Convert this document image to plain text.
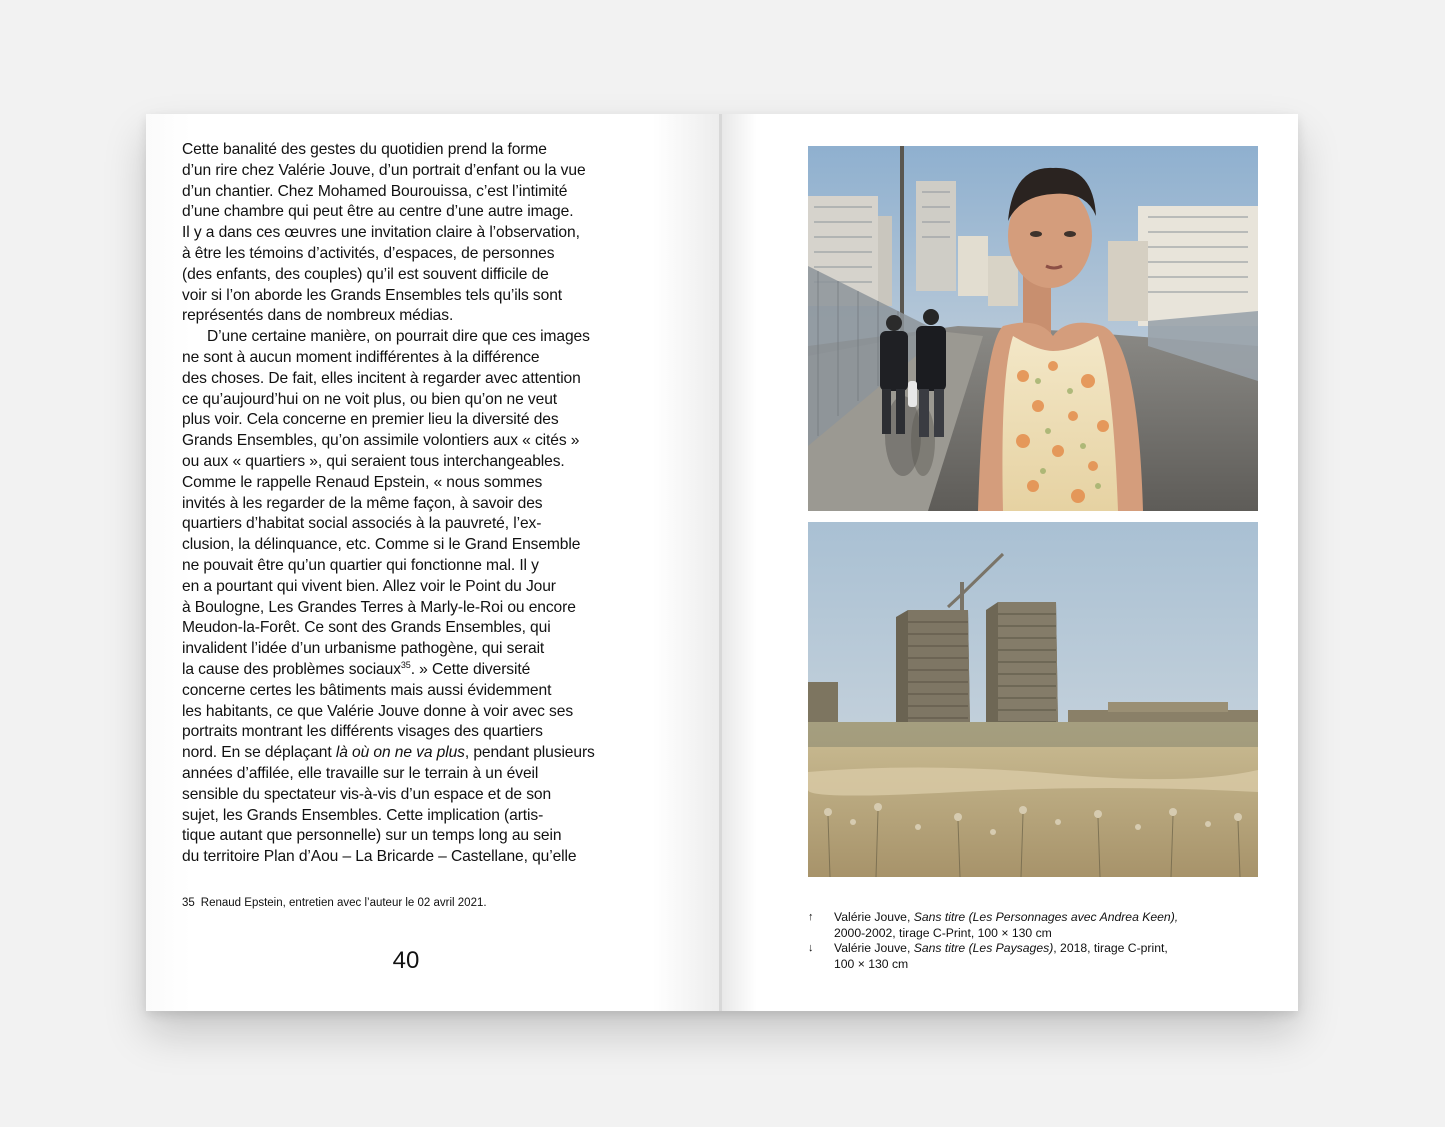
Cette banalité des gestes du quotidien prend la forme
d’un rire chez Valérie Jouve, d’un portrait d’enfant ou la vue
d’un chantier. Chez Mohamed Bourouissa, c’est l’intimité
d’une chambre qui peut être au centre d’une autre image.
Il y a dans ces œuvres une invitation claire à l’observation,
à être les témoins d’activités, d’espaces, de personnes
(des enfants, des couples) qu’il est souvent difficile de
voir si l’on aborde les Grands Ensembles tels qu’ils sont
représentés dans de nombreux médias.
D’une certaine manière, on pourrait dire que ces images
ne sont à aucun moment indifférentes à la différence
des choses. De fait, elles incitent à regarder avec attention
ce qu’aujourd’hui on ne voit plus, ou bien qu’on ne veut
plus voir. Cela concerne en premier lieu la diversité des
Grands Ensembles, qu’on assimile volontiers aux « cités »
ou aux « quartiers », qui seraient tous interchangeables.
Comme le rappelle Renaud Epstein, « nous sommes
invités à les regarder de la même façon, à savoir des
quartiers d’habitat social associés à la pauvreté, l’ex-
clusion, la délinquance, etc. Comme si le Grand Ensemble
ne pouvait être qu’un quartier qui fonctionne mal. Il y
en a pourtant qui vivent bien. Allez voir le Point du Jour
à Boulogne, Les Grandes Terres à Marly-le-Roi ou encore
Meudon-la-Forêt. Ce sont des Grands Ensembles, qui
invalident l’idée d’un urbanisme pathogène, qui serait
la cause des problèmes sociaux$^{35}$. » Cette diversité
concerne certes les bâtiments mais aussi évidemment
les habitants, ce que Valérie Jouve donne à voir avec ses
portraits montrant les différents visages des quartiers
nord. En se déplaçant là où on ne va plus, pendant plusieurs
années d’affilée, elle travaille sur le terrain à un éveil
sensible du spectateur vis-à-vis d’un espace et de son
sujet, les Grands Ensembles. Cette implication (artis-
tique autant que personnelle) sur un temps long au sein
du territoire Plan d’Aou – La Bricarde – Castellane, qu’elle
35 Renaud Epstein, entretien avec l’auteur le 02 avril 2021.
40
↑	Valérie Jouve, Sans titre (Les Personnages avec Andrea Keen),
2000-2002, tirage C-Print, 100 × 130 cm
↓	Valérie Jouve, Sans titre (Les Paysages), 2018, tirage C-print,
100 × 130 cm
